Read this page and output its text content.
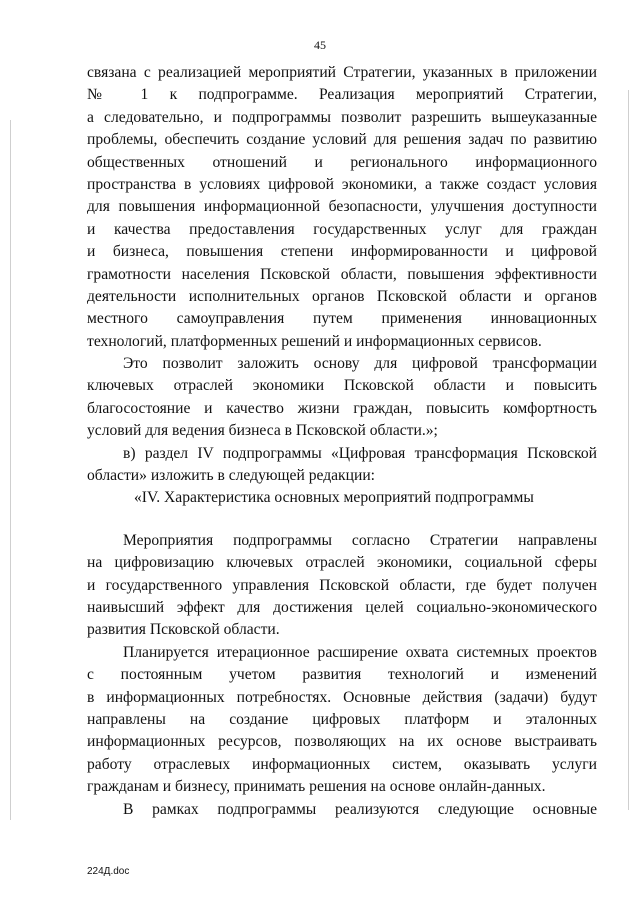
45
связана с реализацией мероприятий Стратегии, указанных в приложении
№ 1 к подпрограмме. Реализация мероприятий Стратегии,
а следовательно, и подпрограммы позволит разрешить вышеуказанные
проблемы, обеспечить создание условий для решения задач по развитию
общественных отношений и регионального информационного
пространства в условиях цифровой экономики, а также создаст условия
для повышения информационной безопасности, улучшения доступности
и качества предоставления государственных услуг для граждан
и бизнеса, повышения степени информированности и цифровой
грамотности населения Псковской области, повышения эффективности
деятельности исполнительных органов Псковской области и органов
местного самоуправления путем применения инновационных
технологий, платформенных решений и информационных сервисов.
Это позволит заложить основу для цифровой трансформации
ключевых отраслей экономики Псковской области и повысить
благосостояние и качество жизни граждан, повысить комфортность
условий для ведения бизнеса в Псковской области.»;
в) раздел IV подпрограммы «Цифровая трансформация Псковской
области» изложить в следующей редакции:
«IV. Характеристика основных мероприятий подпрограммы
Мероприятия подпрограммы согласно Стратегии направлены
на цифровизацию ключевых отраслей экономики, социальной сферы
и государственного управления Псковской области, где будет получен
наивысший эффект для достижения целей социально-экономического
развития Псковской области.
Планируется итерационное расширение охвата системных проектов
с постоянным учетом развития технологий и изменений
в информационных потребностях. Основные действия (задачи) будут
направлены на создание цифровых платформ и эталонных
информационных ресурсов, позволяющих на их основе выстраивать
работу отраслевых информационных систем, оказывать услуги
гражданам и бизнесу, принимать решения на основе онлайн-данных.
В рамках подпрограммы реализуются следующие основные
224Д.doc
